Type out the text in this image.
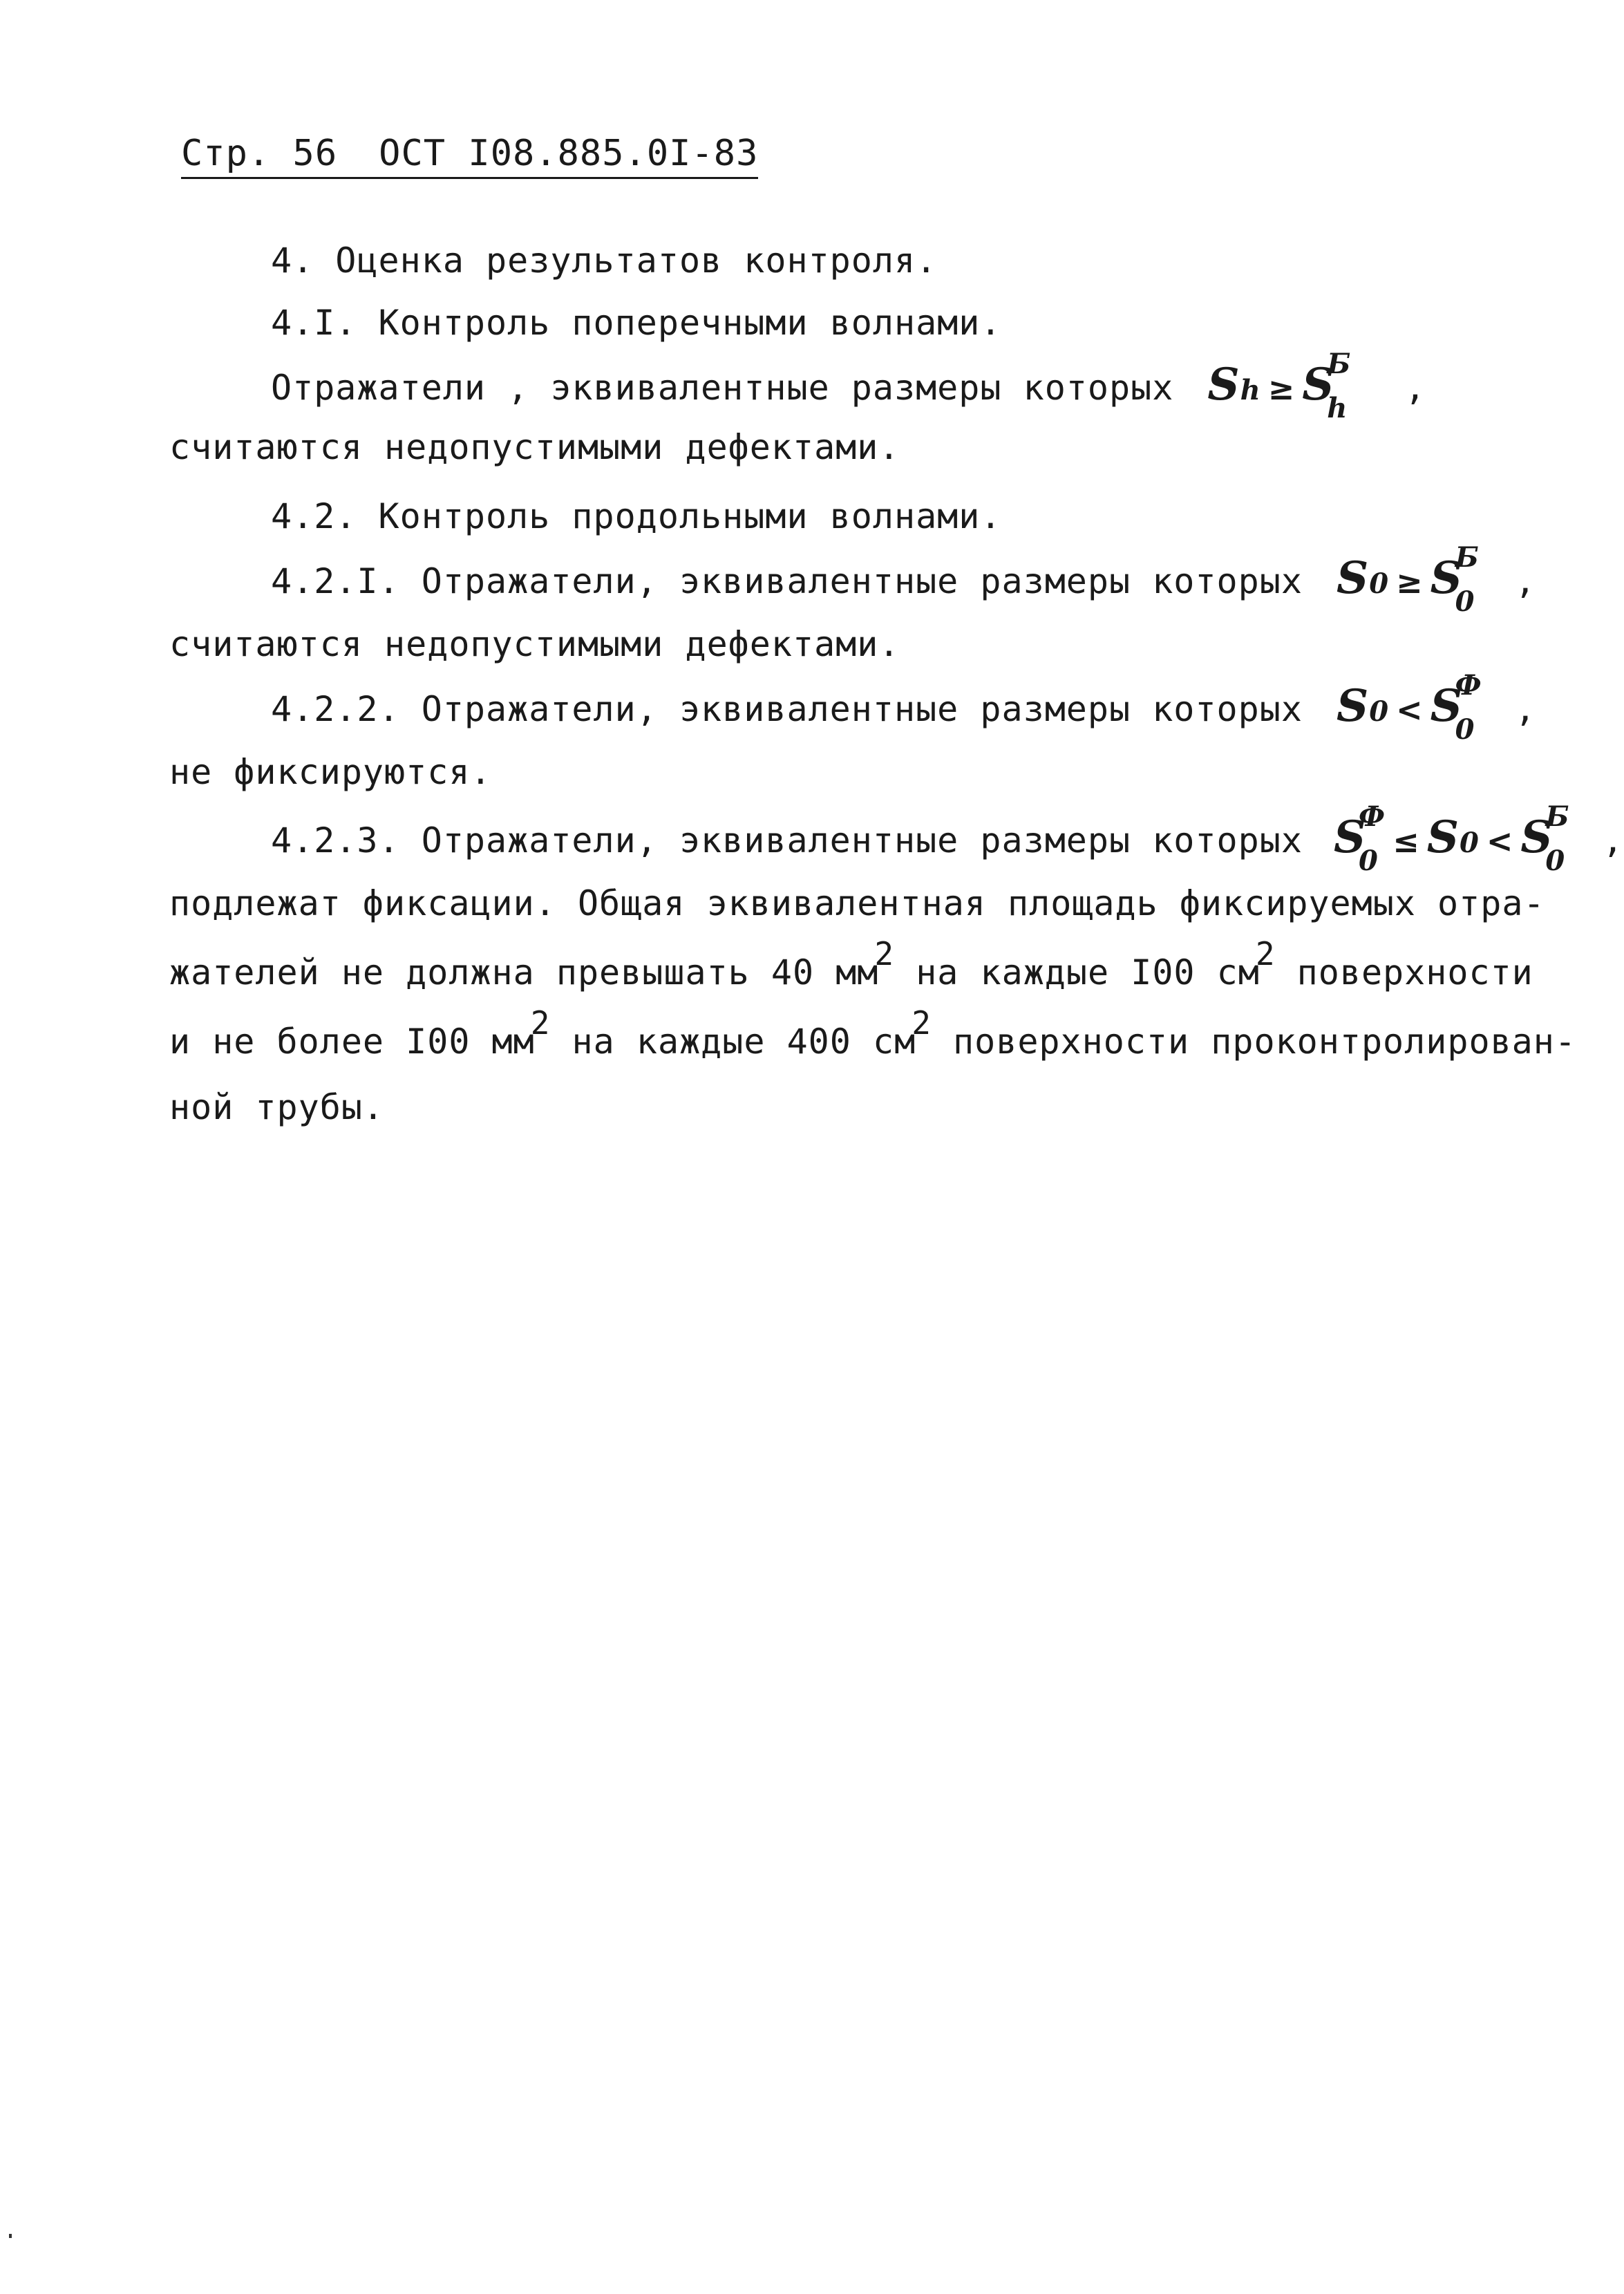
Стр. 56 ОСТ I08.885.0I-83
4. Оценка результатов контроля.
4.I. Контроль поперечными волнами.
Отражатели , эквивалентные размеры которых S h ≥ S
Б
h
,
считаются недопустимыми дефектами.
4.2. Контроль продольными волнами.
4.2.I. Отражатели, эквивалентные размеры которых S 0 ≥ S
Б
0
,
считаются недопустимыми дефектами.
4.2.2. Отражатели, эквивалентные размеры которых S 0 < S
Ф
0
,
не фиксируются.
4.2.3. Отражатели, эквивалентные размеры которых S
Ф
0
≤ S 0 < S
Б
0
,
подлежат фиксации. Общая эквивалентная площадь фиксируемых отра-
жателей не должна превышать 40 мм2 на каждые I00 см2 поверхности
и не более I00 мм2 на каждые 400 см2 поверхности проконтролирован-
ной трубы.
